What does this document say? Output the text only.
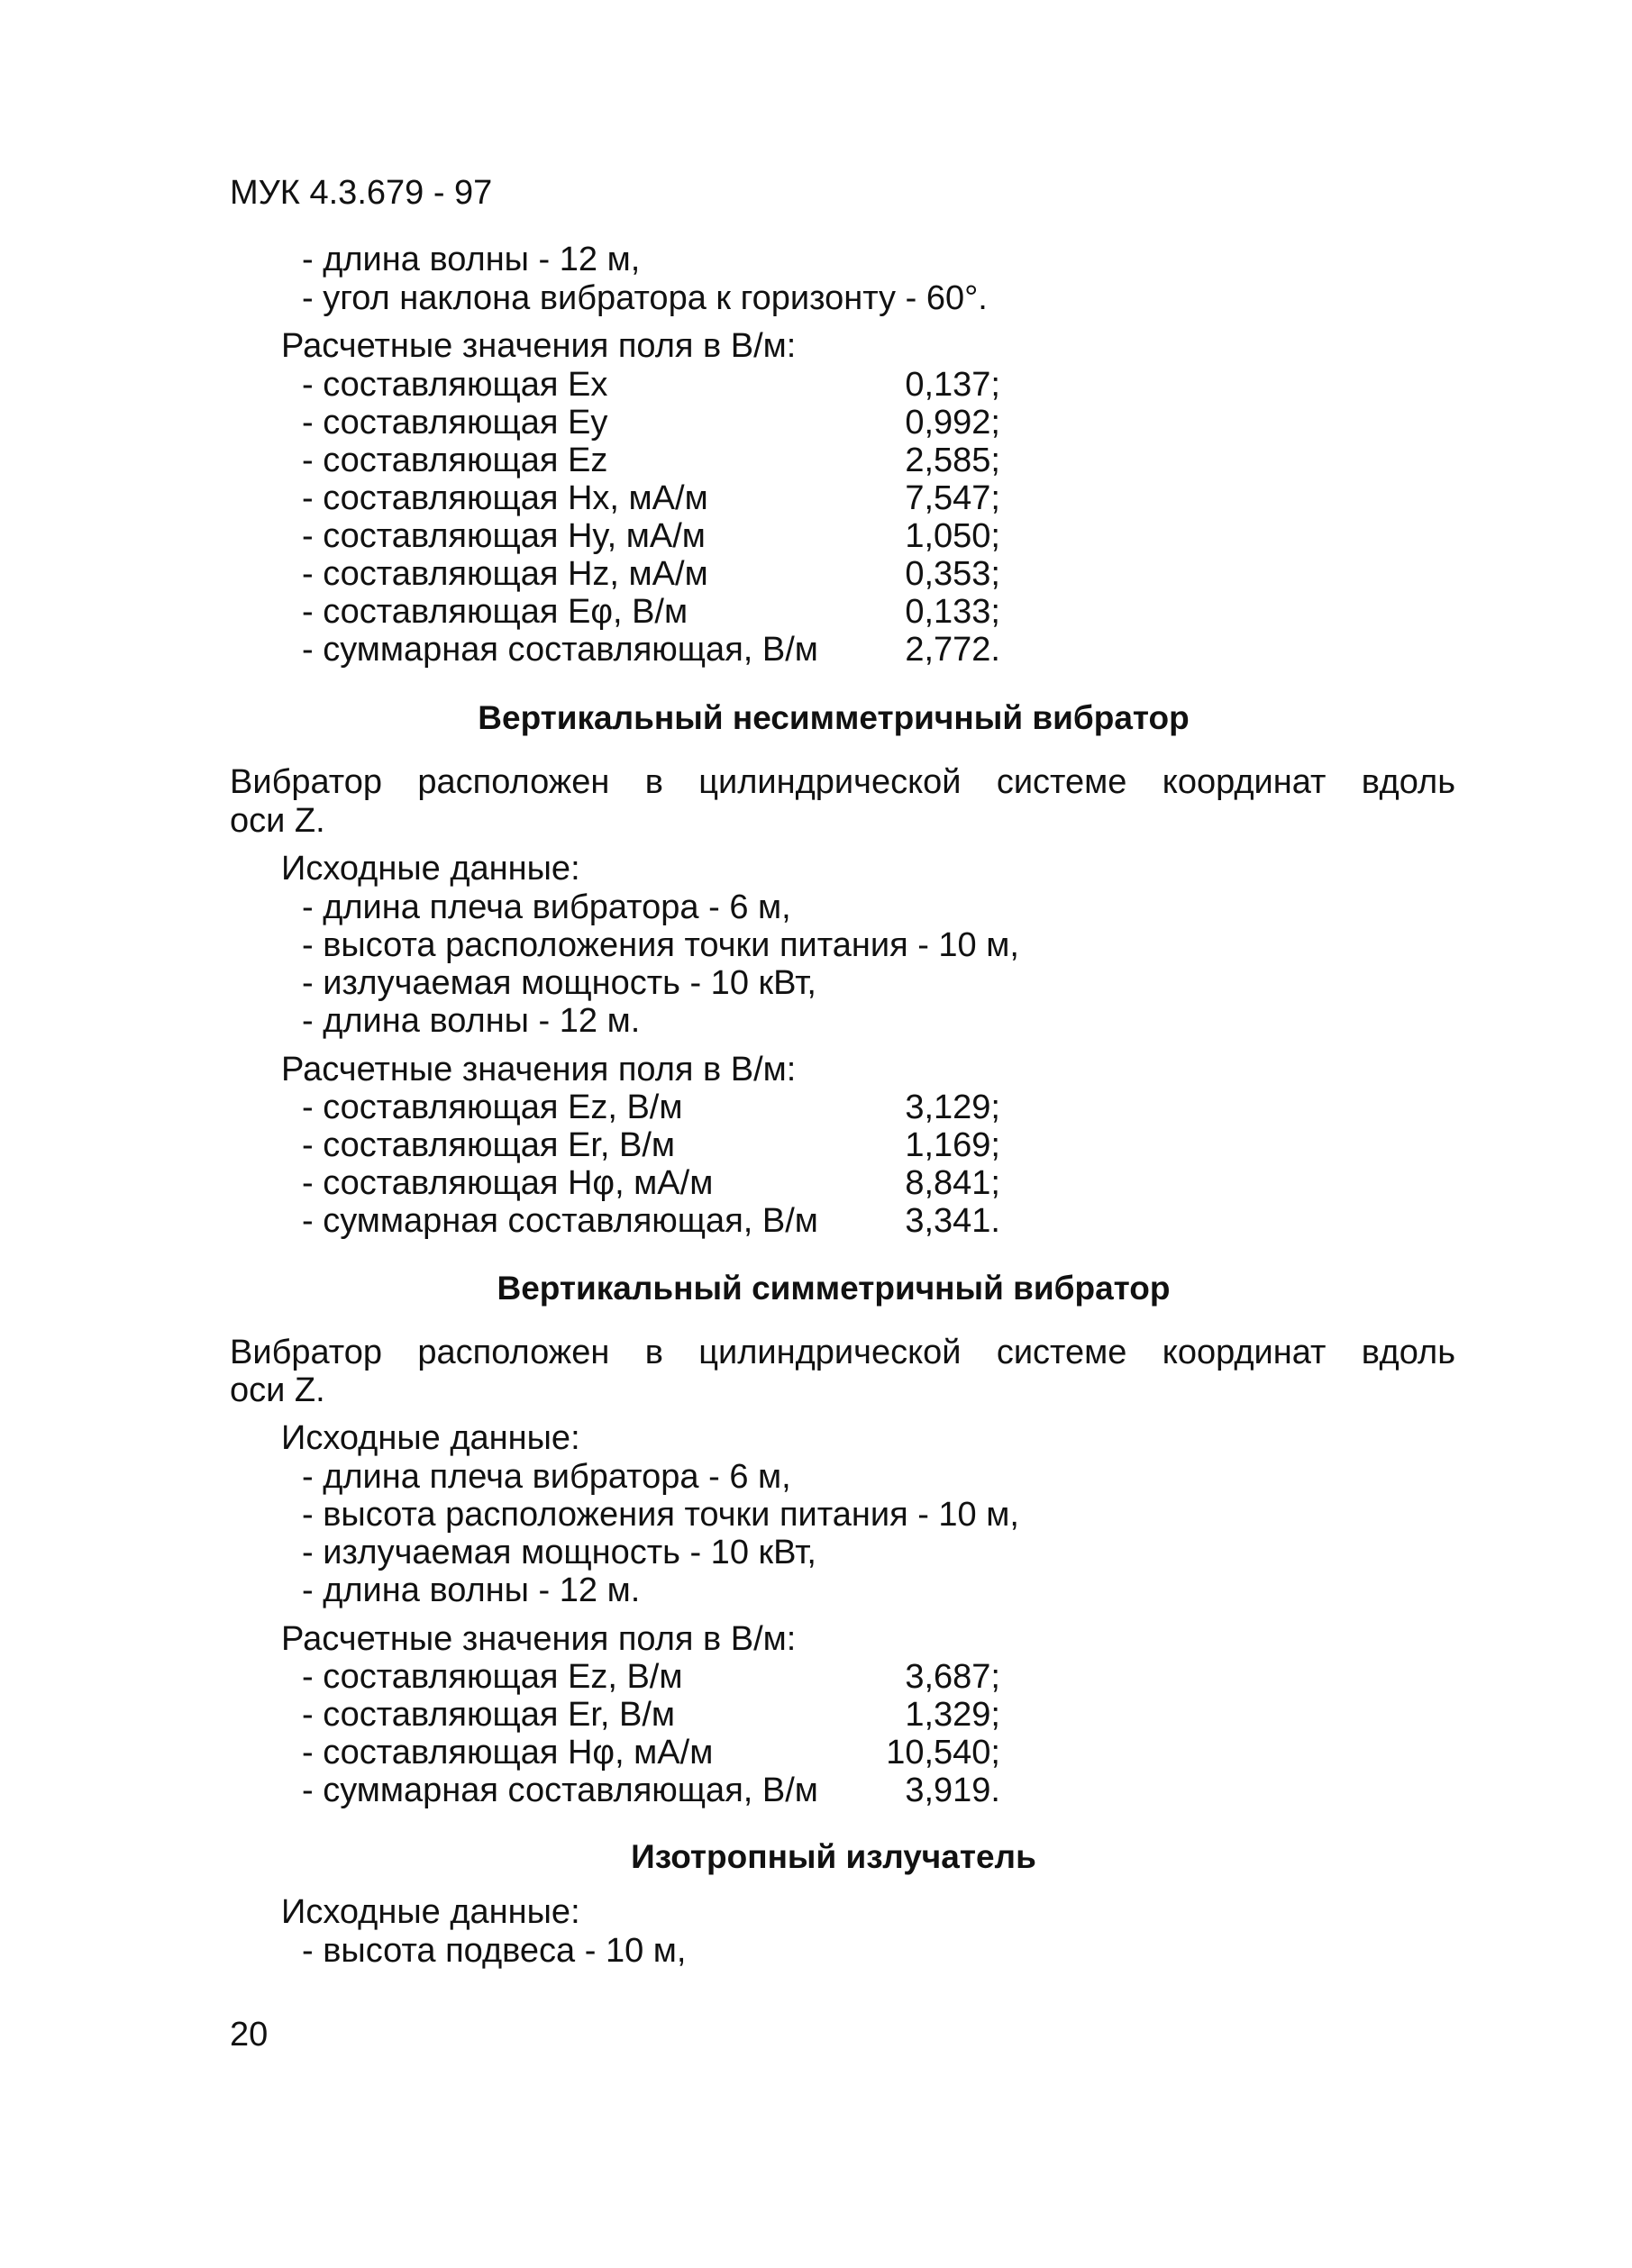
МУК 4.3.679 - 97
- длина волны - 12 м,
- угол наклона вибратора к горизонту - 60°.
Расчетные значения поля в В/м:
- составляющая Ex	0,137;
- составляющая Ey	0,992;
- составляющая Ez	2,585;
- составляющая Hx, мА/м	7,547;
- составляющая Hy, мА/м	1,050;
- составляющая Hz, мА/м	0,353;
- составляющая Eφ, В/м	0,133;
- суммарная составляющая, В/м	2,772.
Вертикальный несимметричный вибратор
Вибратор расположен в цилиндрической системе координат вдоль
оси Z.
Исходные данные:
- длина плеча вибратора - 6 м,
- высота расположения точки питания - 10 м,
- излучаемая мощность - 10 кВт,
- длина волны - 12 м.
Расчетные значения поля в В/м:
- составляющая Ez, В/м	3,129;
- составляющая Er, В/м	1,169;
- составляющая Hφ, мА/м	8,841;
- суммарная составляющая, В/м	3,341.
Вертикальный симметричный вибратор
Вибратор расположен в цилиндрической системе координат вдоль
оси Z.
Исходные данные:
- длина плеча вибратора - 6 м,
- высота расположения точки питания - 10 м,
- излучаемая мощность - 10 кВт,
- длина волны - 12 м.
Расчетные значения поля в В/м:
- составляющая Ez, В/м	3,687;
- составляющая Er, В/м	1,329;
- составляющая Hφ, мА/м	10,540;
- суммарная составляющая, В/м	3,919.
Изотропный излучатель
Исходные данные:
- высота подвеса - 10 м,
20
